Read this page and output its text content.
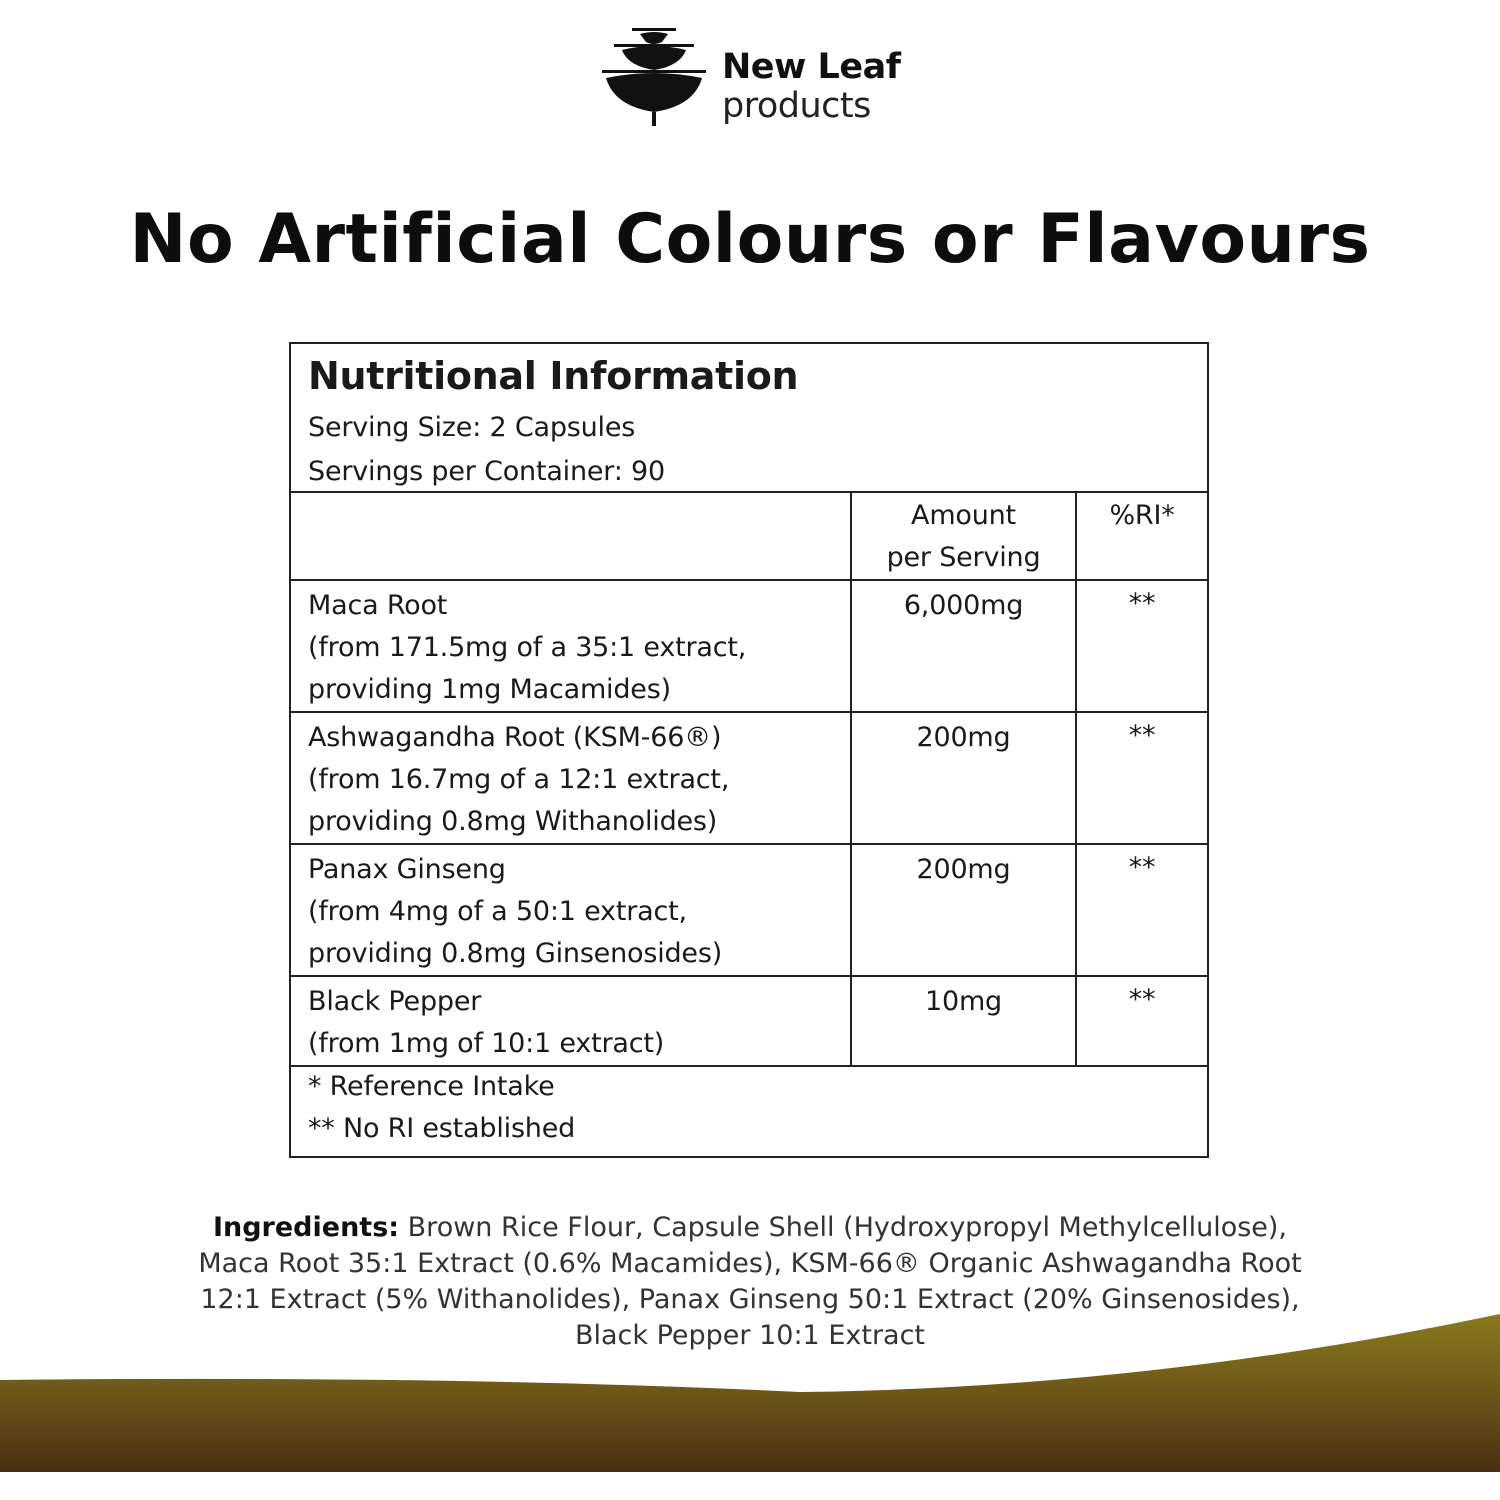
New Leaf
products
No Artificial Colours or Flavours
Nutritional Information
Serving Size: 2 Capsules
Servings per Container: 90

	Amount
per Serving	%RI*

Maca Root
(from 171.5mg of a 35:1 extract,
providing 1mg Macamides)	6,000mg	**

Ashwagandha Root (KSM-66®)
(from 16.7mg of a 12:1 extract,
providing 0.8mg Withanolides)	200mg	**

Panax Ginseng
(from 4mg of a 50:1 extract,
providing 0.8mg Ginsenosides)	200mg	**

Black Pepper
(from 1mg of 10:1 extract)	10mg	**
* Reference Intake
** No RI established

Ingredients: Brown Rice Flour, Capsule Shell (Hydroxypropyl Methylcellulose),
Maca Root 35:1 Extract (0.6% Macamides), KSM-66® Organic Ashwagandha Root
12:1 Extract (5% Withanolides), Panax Ginseng 50:1 Extract (20% Ginsenosides),
Black Pepper 10:1 Extract
